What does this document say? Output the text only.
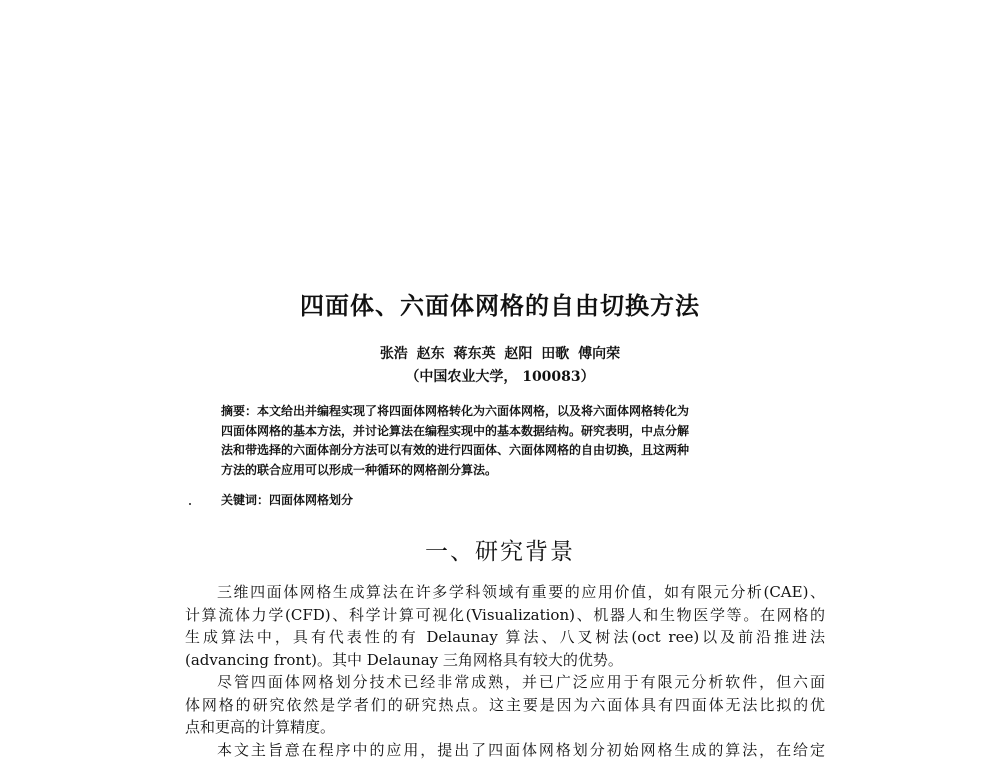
四面体、六面体网格的自由切换方法
张浩 赵东 蒋东英 赵阳 田歌 傅向荣
（中国农业大学， 100083）
摘要：本文给出并编程实现了将四面体网格转化为六面体网格，以及将六面体网格转化为
四面体网格的基本方法，并讨论算法在编程实现中的基本数据结构。研究表明，中点分解
法和带选择的六面体剖分方法可以有效的进行四面体、六面体网格的自由切换，且这两种
方法的联合应用可以形成一种循环的网格剖分算法。
关键词：四面体网格划分
一、研究背景
三维四面体网格生成算法在许多学科领域有重要的应用价值，如有限元分析(CAE)、
计算流体力学(CFD)、科学计算可视化(Visualization)、机器人和生物医学等。在网格的
生成算法中，具有代表性的有 Delaunay 算法、八叉树法(oct ree)以及前沿推进法
(advancing front)。其中 Delaunay 三角网格具有较大的优势。
尽管四面体网格划分技术已经非常成熟，并已广泛应用于有限元分析软件，但六面
体网格的研究依然是学者们的研究热点。这主要是因为六面体具有四面体无法比拟的优
点和更高的计算精度。
本文主旨意在程序中的应用，提出了四面体网格划分初始网格生成的算法，在给定
